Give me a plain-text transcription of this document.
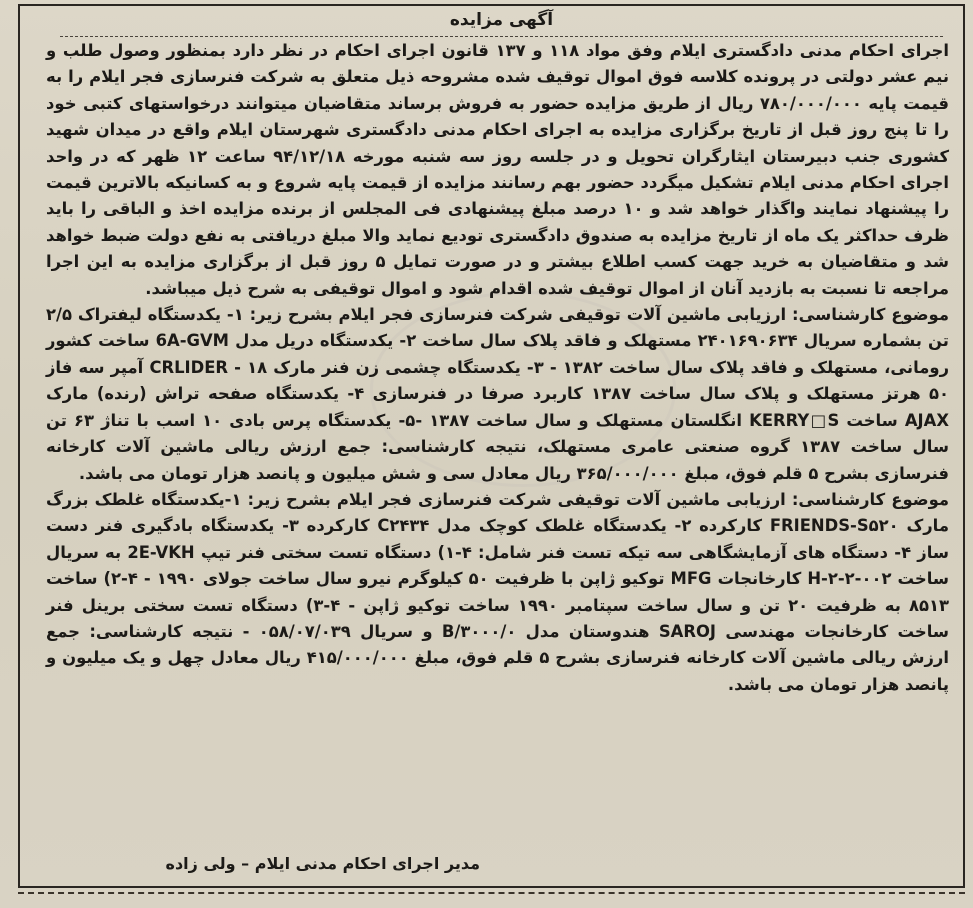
آگهی مزایده

اجرای احکام مدنی دادگستری ایلام وفق مواد ۱۱۸ و ۱۳۷ قانون اجرای احکام در نظر دارد بمنظور وصول طلب و نیم عشر دولتی در پرونده کلاسه فوق اموال توقیف شده مشروحه ذیل متعلق به شرکت فنرسازی فجر ایلام را به قیمت پایه ۷۸۰/۰۰۰/۰۰۰ ریال از طریق مزایده حضور به فروش برساند متقاضیان میتوانند درخواستهای کتبی خود را تا پنج روز قبل از تاریخ برگزاری مزایده به اجرای احکام مدنی دادگستری شهرستان ایلام واقع در میدان شهید کشوری جنب دبیرستان ایثارگران تحویل و در جلسه روز سه شنبه مورخه ۹۴/۱۲/۱۸ ساعت ۱۲ ظهر که در واحد اجرای احکام مدنی ایلام تشکیل میگردد حضور بهم رسانند مزایده از قیمت پایه شروع و به کسانیکه بالاترین قیمت را پیشنهاد نمایند واگذار خواهد شد و ۱۰ درصد مبلغ پیشنهادی فی المجلس از برنده مزایده اخذ و الباقی را باید ظرف حداکثر یک ماه از تاریخ مزایده به صندوق دادگستری تودیع نماید والا مبلغ دریافتی به نفع دولت ضبط خواهد شد و متقاضیان به خرید جهت کسب اطلاع بیشتر و در صورت تمایل ۵ روز قبل از برگزاری مزایده به این اجرا مراجعه تا نسبت به بازدید آنان از اموال توقیف شده اقدام شود و اموال توقیفی به شرح ذیل میباشد.

موضوع کارشناسی: ارزیابی ماشین آلات توقیفی شرکت فنرسازی فجر ایلام بشرح زیر: ۱- یکدستگاه لیفتراک ۲/۵ تن بشماره سریال ۲۴۰۱۶۹۰۶۳۴ مستهلک و فاقد پلاک سال ساخت ۲- یکدستگاه دریل مدل 6A-GVM ساخت کشور رومانی، مستهلک و فاقد پلاک سال ساخت ۱۳۸۲ - ۳- یکدستگاه چشمی زن فنر مارک CRLIDER - ۱۸ آمپر سه فاز ۵۰ هرتز مستهلک و پلاک سال ساخت ۱۳۸۷ کاربرد صرفا در فنرسازی ۴- یکدستگاه صفحه تراش (رنده) مارک AJAX ساخت KERRY□S انگلستان مستهلک و سال ساخت ۱۳۸۷ -۵- یکدستگاه پرس بادی ۱۰ اسب با تناژ ۶۳ تن سال ساخت ۱۳۸۷ گروه صنعتی عامری مستهلک، نتیجه کارشناسی: جمع ارزش ریالی ماشین آلات کارخانه فنرسازی بشرح ۵ قلم فوق، مبلغ ۳۶۵/۰۰۰/۰۰۰ ریال معادل سی و شش میلیون و پانصد هزار تومان می باشد.

موضوع کارشناسی: ارزیابی ماشین آلات توقیفی شرکت فنرسازی فجر ایلام بشرح زیر: ۱-یکدستگاه غلطک بزرگ مارک FRIENDS-S۵۲۰ کارکرده ۲- یکدستگاه غلطک کوچک مدل C۲۴۳۴ کارکرده ۳- یکدستگاه بادگیری فنر دست ساز ۴- دستگاه های آزمایشگاهی سه تیکه تست فنر شامل: ۴-۱) دستگاه تست سختی فنر تیپ 2E-VKH به سریال ساخت H-۲-۲-۰۰۲ کارخانجات MFG توکیو ژاپن با ظرفیت ۵۰ کیلوگرم نیرو سال ساخت جولای ۱۹۹۰ - ۴-۲) ساخت ۸۵۱۳ به ظرفیت ۲۰ تن و سال ساخت سپتامبر ۱۹۹۰ ساخت توکیو ژاپن - ۴-۳) دستگاه تست سختی برینل فنر ساخت کارخانجات مهندسی SAROJ هندوستان مدل B/۳۰۰۰/۰ و سریال ۰۵۸/۰۷/۰۳۹ - نتیجه کارشناسی: جمع ارزش ریالی ماشین آلات کارخانه فنرسازی بشرح ۵ قلم فوق، مبلغ ۴۱۵/۰۰۰/۰۰۰ ریال معادل چهل و یک میلیون و پانصد هزار تومان می باشد.

مدیر اجرای احکام مدنی ایلام – ولی زاده
